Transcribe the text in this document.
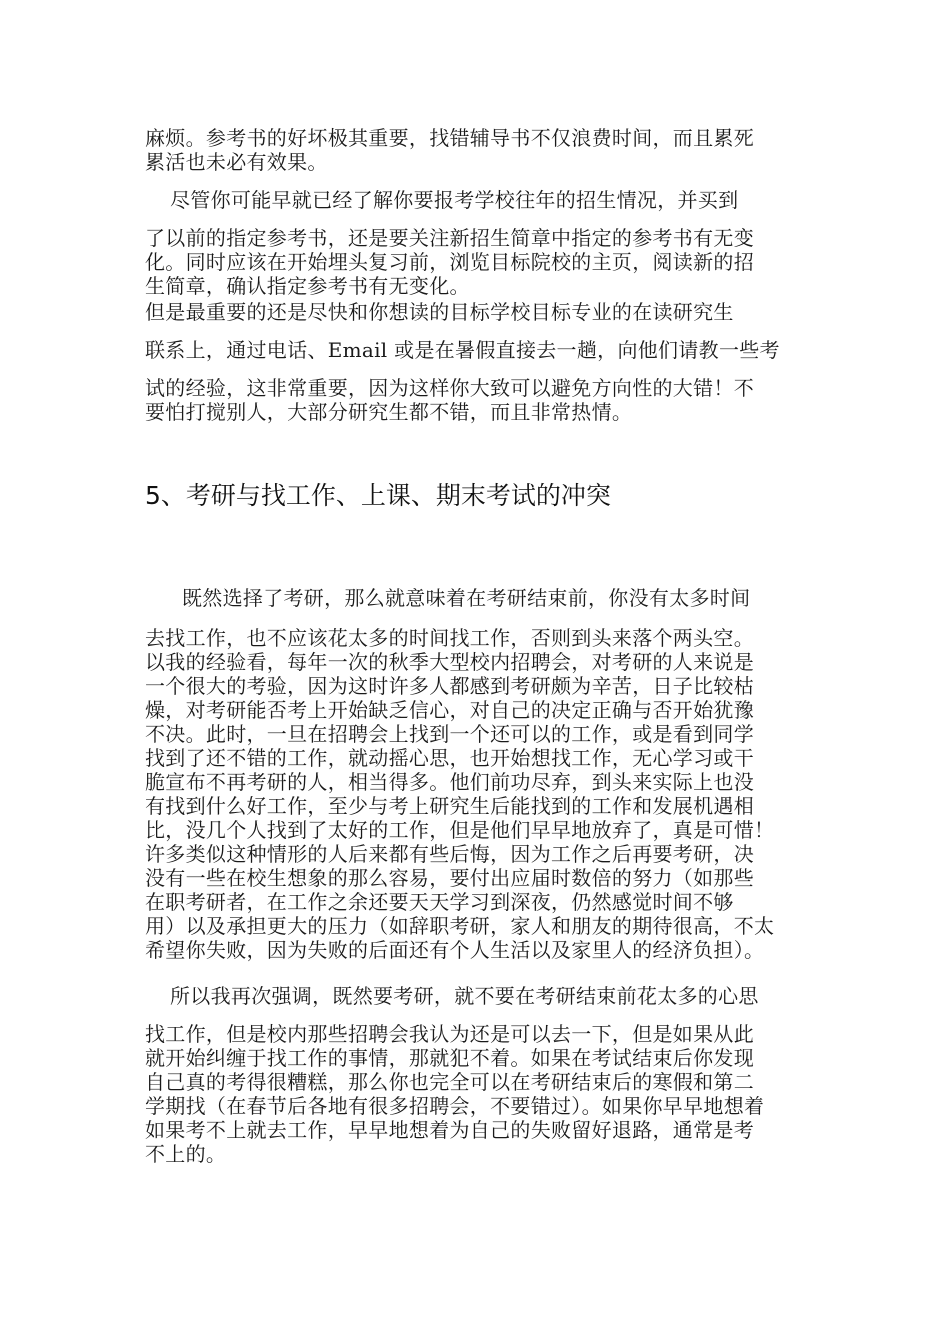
麻烦。参考书的好坏极其重要，找错辅导书不仅浪费时间，而且累死
累活也未必有效果。
尽管你可能早就已经了解你要报考学校往年的招生情况，并买到
了以前的指定参考书，还是要关注新招生简章中指定的参考书有无变
化。同时应该在开始埋头复习前，浏览目标院校的主页，阅读新的招
生简章，确认指定参考书有无变化。
但是最重要的还是尽快和你想读的目标学校目标专业的在读研究生
联系上，通过电话、Email 或是在暑假直接去一趟，向他们请教一些考
试的经验，这非常重要，因为这样你大致可以避免方向性的大错！不
要怕打搅别人，大部分研究生都不错，而且非常热情。
5、考研与找工作、上课、期末考试的冲突
既然选择了考研，那么就意味着在考研结束前，你没有太多时间
去找工作，也不应该花太多的时间找工作，否则到头来落个两头空。
以我的经验看，每年一次的秋季大型校内招聘会，对考研的人来说是
一个很大的考验，因为这时许多人都感到考研颇为辛苦，日子比较枯
燥，对考研能否考上开始缺乏信心，对自己的决定正确与否开始犹豫
不决。此时，一旦在招聘会上找到一个还可以的工作，或是看到同学
找到了还不错的工作，就动摇心思，也开始想找工作，无心学习或干
脆宣布不再考研的人，相当得多。他们前功尽弃，到头来实际上也没
有找到什么好工作，至少与考上研究生后能找到的工作和发展机遇相
比，没几个人找到了太好的工作，但是他们早早地放弃了，真是可惜！
许多类似这种情形的人后来都有些后悔，因为工作之后再要考研，决
没有一些在校生想象的那么容易，要付出应届时数倍的努力（如那些
在职考研者，在工作之余还要天天学习到深夜，仍然感觉时间不够
用）以及承担更大的压力（如辞职考研，家人和朋友的期待很高，不太
希望你失败，因为失败的后面还有个人生活以及家里人的经济负担）。
所以我再次强调，既然要考研，就不要在考研结束前花太多的心思
找工作，但是校内那些招聘会我认为还是可以去一下，但是如果从此
就开始纠缠于找工作的事情，那就犯不着。如果在考试结束后你发现
自己真的考得很糟糕，那么你也完全可以在考研结束后的寒假和第二
学期找（在春节后各地有很多招聘会，不要错过）。如果你早早地想着
如果考不上就去工作，早早地想着为自己的失败留好退路，通常是考
不上的。
